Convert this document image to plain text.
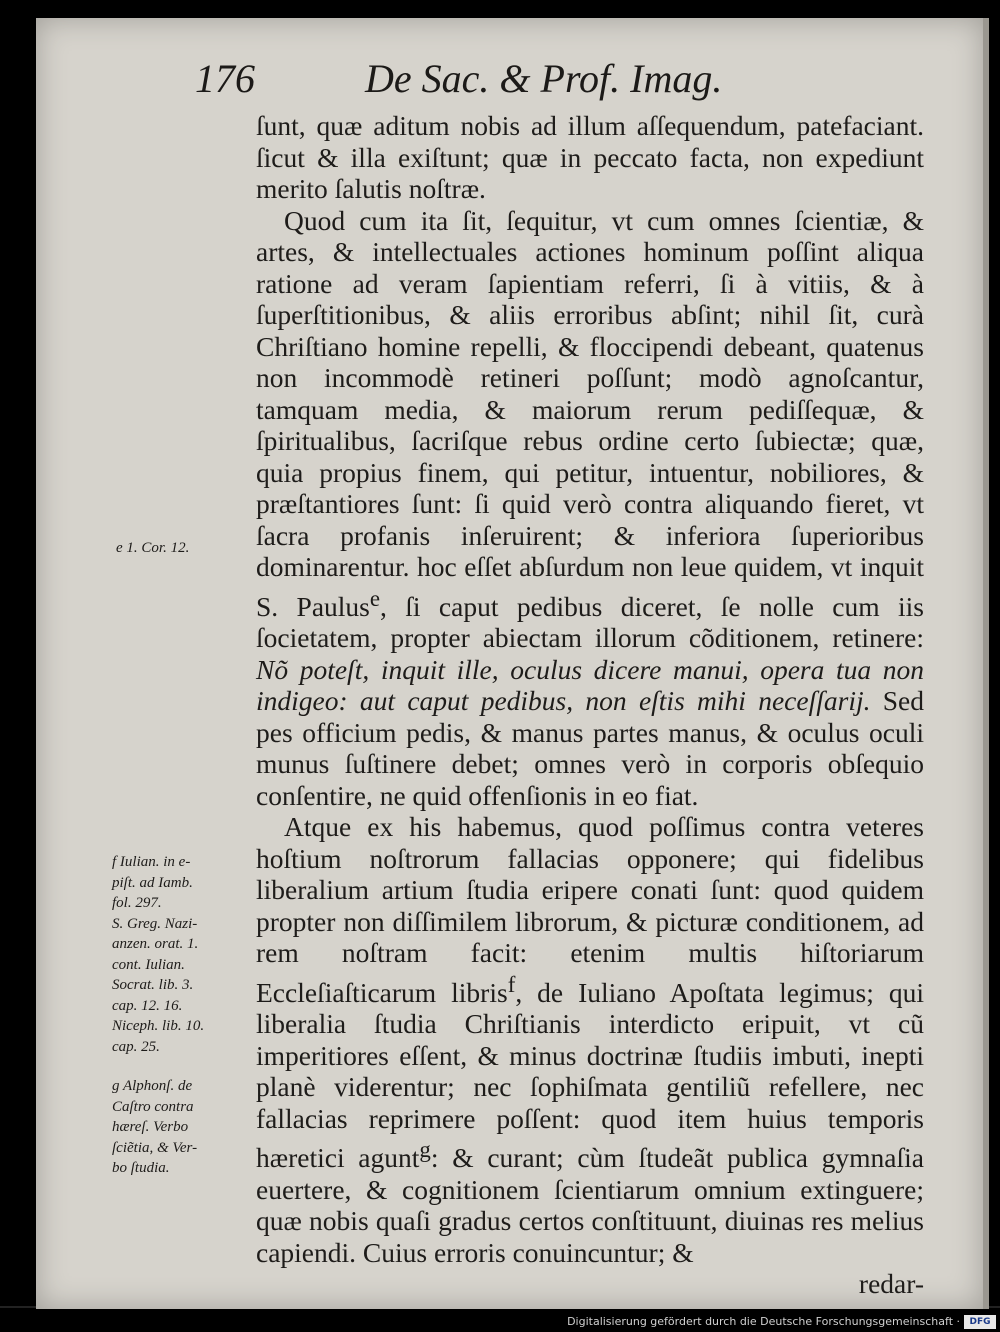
176	De Sac. & Prof. Imag.

ſunt, quæ aditum nobis ad illum aſſequendum, patefaciant. ſicut & illa exiſtunt; quæ in peccato facta, non expediunt merito ſalutis noſtræ.

Quod cum ita ſit, ſequitur, vt cum omnes ſcientiæ, & artes, & intellectuales actiones hominum poſſint aliqua ratione ad veram ſapientiam referri, ſi à vitiis, & à ſuperſtitionibus, & aliis erroribus abſint; nihil ſit, curà Chriſtiano homine repelli, & floccipendi debeant, quatenus non incommodè retineri poſſunt; modò agnoſcantur, tamquam media, & maiorum rerum pediſſequæ, & ſpiritualibus, ſacriſque rebus ordine certo ſubiectæ; quæ, quia propius finem, qui petitur, intuentur, nobiliores, & præſtantiores ſunt: ſi quid verò contra aliquando fieret, vt ſacra profanis inſeruirent; & inferiora ſuperioribus dominarentur. hoc eſſet abſurdum non leue quidem, vt inquit S. Paulus$^e$, ſi caput pedibus diceret, ſe nolle cum iis ſocietatem, propter abiectam illorum cõditionem, retinere: Nõ poteſt, inquit ille, oculus dicere manui, opera tua non indigeo: aut caput pedibus, non eſtis mihi neceſſarij. Sed pes officium pedis, & manus partes manus, & oculus oculi munus ſuſtinere debet; omnes verò in corporis obſequio conſentire, ne quid offenſionis in eo fiat.

Atque ex his habemus, quod poſſimus contra veteres hoſtium noſtrorum fallacias opponere; qui fidelibus liberalium artium ſtudia eripere conati ſunt: quod quidem propter non diſſimilem librorum, & picturæ conditionem, ad rem noſtram facit: etenim multis hiſtoriarum Eccleſiaſticarum libris$^f$, de Iuliano Apoſtata legimus; qui liberalia ſtudia Chriſtianis interdicto eripuit, vt cũ imperitiores eſſent, & minus doctrinæ ſtudiis imbuti, inepti planè viderentur; nec ſophiſmata gentiliũ refellere, nec fallacias reprimere poſſent: quod item huius temporis hæretici agunt$^g$: & curant; cùm ſtudeãt publica gymnaſia euertere, & cognitionem ſcientiarum omnium extinguere; quæ nobis quaſi gradus certos conſtituunt, diuinas res melius capiendi. Cuius erroris conuincuntur; &

redar-
e 1. Cor. 12.
f Iulian. in e-
piſt. ad Iamb.
fol. 297.
S. Greg. Nazi-
anzen. orat. 1.
cont. Iulian.
Socrat. lib. 3.
cap. 12. 16.
Niceph. lib. 10.
cap. 25.
g Alphonſ. de
Caſtro contra
hæreſ. Verbo
ſciẽtia, & Ver-
bo ſtudia.
Digitalisierung gefördert durch die Deutsche Forschungsgemeinschaft ·	DFG
